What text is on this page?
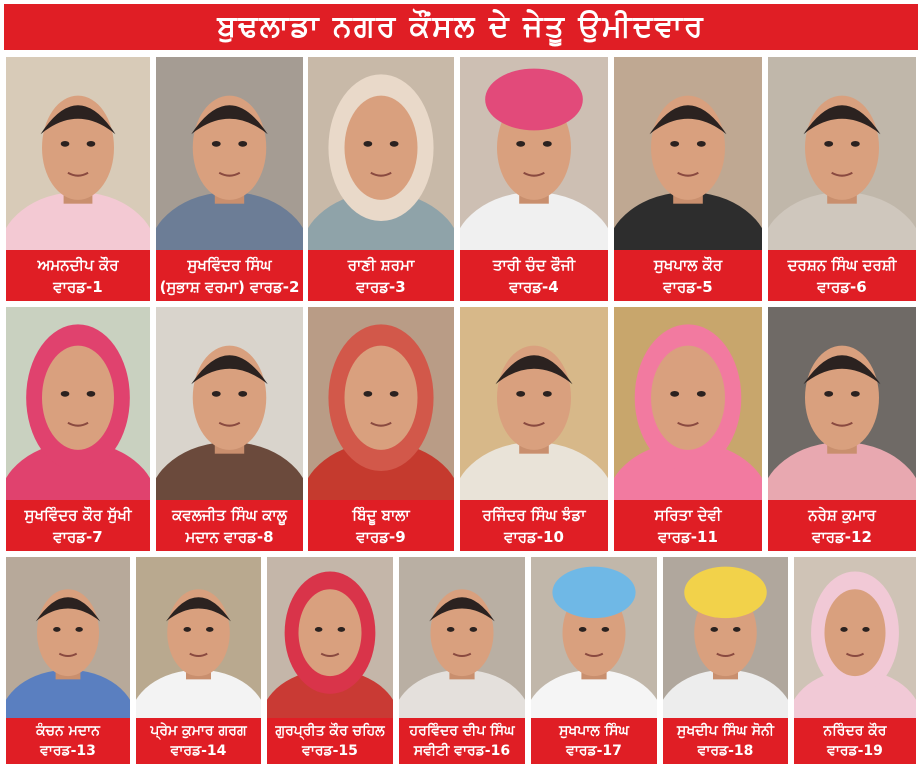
ਬੁਢਲਾਡਾ ਨਗਰ ਕੌਂਸਲ ਦੇ ਜੇਤੂ ਉਮੀਦਵਾਰ
ਅਮਨਦੀਪ ਕੌਰ
ਵਾਰਡ-1
ਸੁਖਵਿੰਦਰ ਸਿੰਘ
(ਸੁਭਾਸ਼ ਵਰਮਾ) ਵਾਰਡ-2
ਰਾਣੀ ਸ਼ਰਮਾ
ਵਾਰਡ-3
ਤਾਰੀ ਚੰਦ ਫੌਜੀ
ਵਾਰਡ-4
ਸੁਖਪਾਲ ਕੌਰ
ਵਾਰਡ-5
ਦਰਸ਼ਨ ਸਿੰਘ ਦਰਸ਼ੀ
ਵਾਰਡ-6
ਸੁਖਵਿੰਦਰ ਕੌਰ ਸੁੱਖੀ
ਵਾਰਡ-7
ਕਵਲਜੀਤ ਸਿੰਘ ਕਾਲੂ
ਮਦਾਨ ਵਾਰਡ-8
ਬਿੰਦੂ ਬਾਲਾ
ਵਾਰਡ-9
ਰਜਿੰਦਰ ਸਿੰਘ ਝੰਡਾ
ਵਾਰਡ-10
ਸਰਿਤਾ ਦੇਵੀ
ਵਾਰਡ-11
ਨਰੇਸ਼ ਕੁਮਾਰ
ਵਾਰਡ-12
ਕੰਚਨ ਮਦਾਨ
ਵਾਰਡ-13
ਪ੍ਰੇਮ ਕੁਮਾਰ ਗਰਗ
ਵਾਰਡ-14
ਗੁਰਪ੍ਰੀਤ ਕੌਰ ਚਹਿਲ
ਵਾਰਡ-15
ਹਰਵਿੰਦਰ ਦੀਪ ਸਿੰਘ
ਸਵੀਟੀ ਵਾਰਡ-16
ਸੁਖਪਾਲ ਸਿੰਘ
ਵਾਰਡ-17
ਸੁਖਦੀਪ ਸਿੰਘ ਸੋਨੀ
ਵਾਰਡ-18
ਨਰਿੰਦਰ ਕੌਰ
ਵਾਰਡ-19
